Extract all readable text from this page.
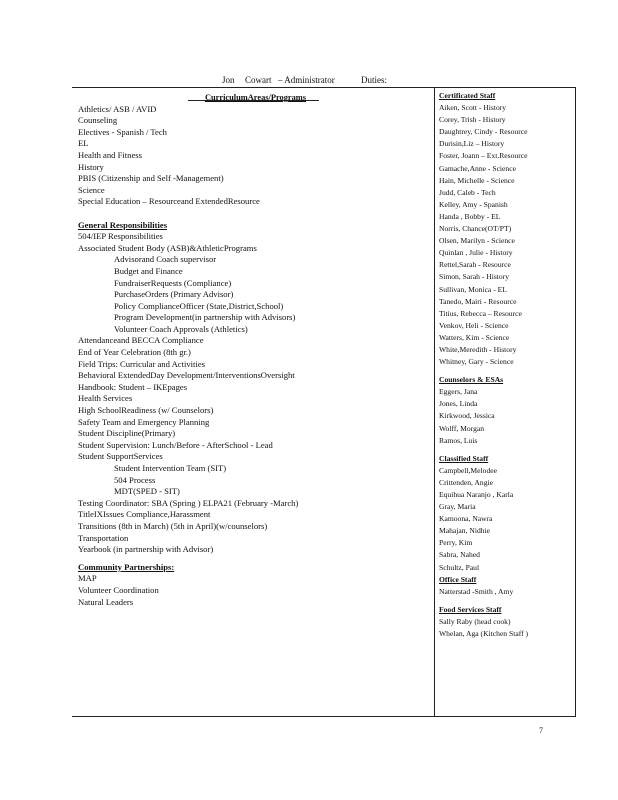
Jon Cowart – Administrator	Duties:
CurriculumAreas/Programs
Athletics/ ASB / AVID
Counseling
Electives - Spanish / Tech
EL
Health and Fitness
History
PBIS (Citizenship and Self -Management)
Science
Special Education – Resourceand ExtendedResource
General Responsibilities
504/IEP Responsibilities
Associated Student Body (ASB)&AthleticPrograms
Advisorand Coach supervisor
Budget and Finance
FundraiserRequests (Compliance)
PurchaseOrders (Primary Advisor)
Policy ComplianceOfficer (State,District,School)
Program Development(in partnership with Advisors)
Volunteer Coach Approvals (Athletics)
Attendanceand BECCA Compliance
End of Year Celebration (8th gr.)
Field Trips: Curricular and Activities
Behavioral ExtendedDay Development/InterventionsOversight
Handbook: Student – IKEpages
Health Services
High SchoolReadiness (w/ Counselors)
Safety Team and Emergency Planning
Student Discipline(Primary)
Student Supervision: Lunch/Before - AfterSchool - Lead
Student SupportServices
Student Intervention Team (SIT)
504 Process
MDT(SPED - SIT)
Testing Coordinator: SBA (Spring ) ELPA21 (February -March)
TitleIXIssues Compliance,Harassment
Transitions (8th in March) (5th in April)(w/counselors)
Transportation
Yearbook (in partnership with Advisor)
Community Partnerships:
MAP
Volunteer Coordination
Natural Leaders
Certificated Staff
Aiken, Scott - History
Corey, Trish - History
Daughtrey, Cindy - Resource
Durisin,Liz – History
Foster, Joann – Ext.Resource
Gamache,Anne - Science
Hain, Michelle - Science
Judd, Caleb - Tech
Kelley, Amy - Spanish
Handa , Bobby - EL
Norris, Chance(OT/PT)
Olsen, Marilyn - Science
Quinlan , Julie - History
Rettel,Sarah - Resource
Simon, Sarah - History
Sullivan, Monica - EL
Tanedo, Mairi - Resource
Titius, Rebecca – Resource
Venkov, Heli - Science
Watters, Kim - Science
White,Meredith - History
Whitney, Gary - Science
Counselors & ESAs
Eggers, Jana
Jones, Linda
Kirkwood, Jessica
Wolff, Morgan
Ramos, Luis
Classified Staff
Campbell,Melodee
Crittenden, Angie
Equihua Naranjo , Karla
Gray, Maria
Kamoona, Nawra
Mahajan, Nidhie
Perry, Kim
Sabra, Nahed
Schultz, Paul
Office Staff
Natterstad -Smith , Amy
Food Services Staff
Sally Raby (head cook)
Whelan, Aga (Kitchen Staff )
7
